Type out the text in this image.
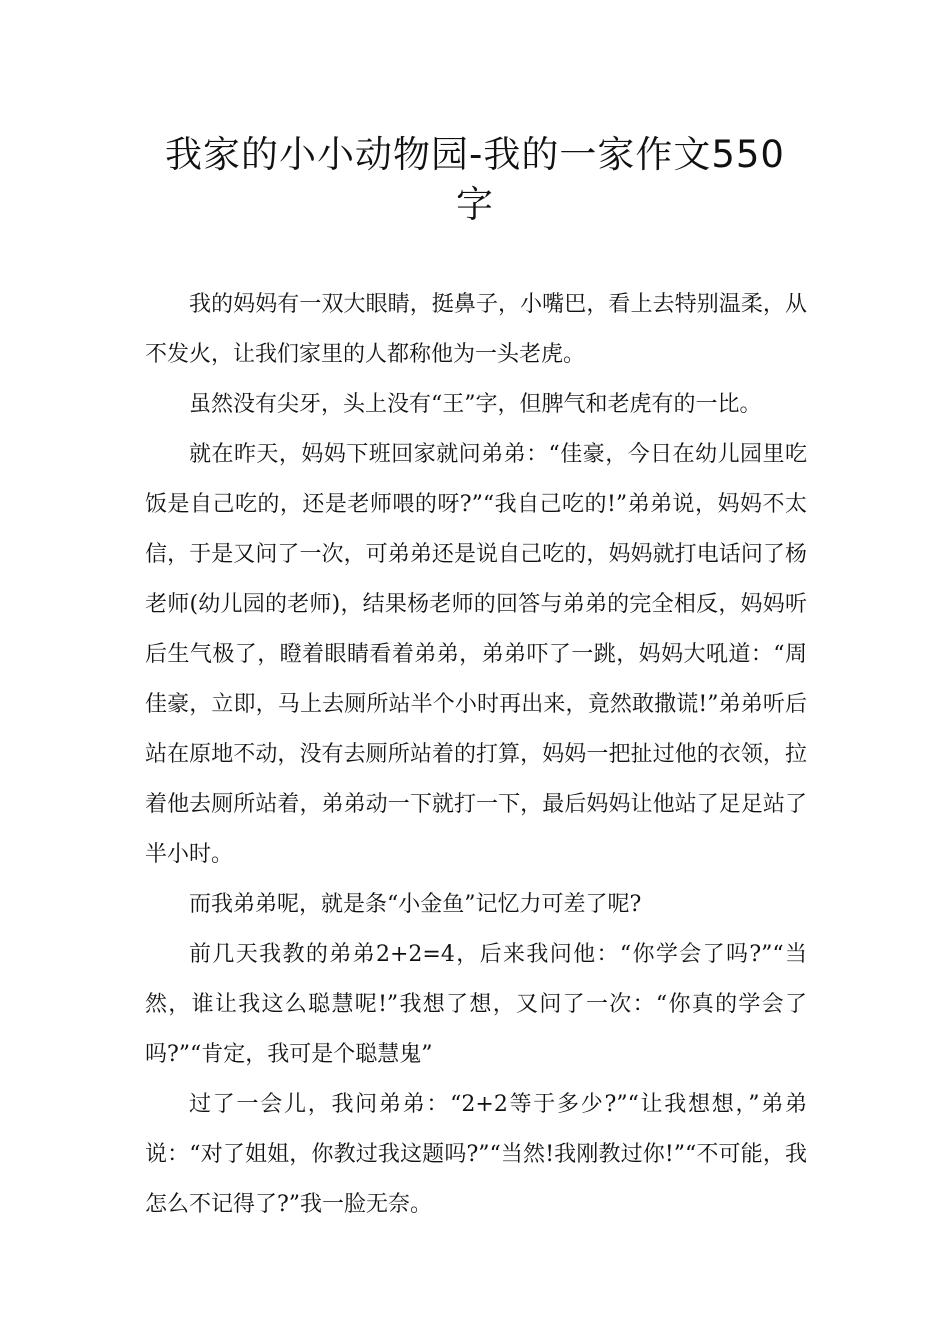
我家的小小动物园-我的一家作文550字

我的妈妈有一双大眼睛，挺鼻子，小嘴巴，看上去特别温柔，从不发火，让我们家里的人都称他为一头老虎。

虽然没有尖牙，头上没有“王”字，但脾气和老虎有的一比。

就在昨天，妈妈下班回家就问弟弟：“佳豪，今日在幼儿园里吃饭是自己吃的，还是老师喂的呀?”“我自己吃的!”弟弟说，妈妈不太信，于是又问了一次，可弟弟还是说自己吃的，妈妈就打电话问了杨老师(幼儿园的老师)，结果杨老师的回答与弟弟的完全相反，妈妈听后生气极了，瞪着眼睛看着弟弟，弟弟吓了一跳，妈妈大吼道：“周佳豪，立即，马上去厕所站半个小时再出来，竟然敢撒谎!”弟弟听后站在原地不动，没有去厕所站着的打算，妈妈一把扯过他的衣领，拉着他去厕所站着，弟弟动一下就打一下，最后妈妈让他站了足足站了半小时。

而我弟弟呢，就是条“小金鱼”记忆力可差了呢?

前几天我教的弟弟2+2=4，后来我问他：“你学会了吗?”“当然，谁让我这么聪慧呢!”我想了想，又问了一次：“你真的学会了吗?”“肯定，我可是个聪慧鬼”

过了一会儿，我问弟弟：“2+2等于多少?”“让我想想，”弟弟说：“对了姐姐，你教过我这题吗?”“当然!我刚教过你!”“不可能，我怎么不记得了?”我一脸无奈。
